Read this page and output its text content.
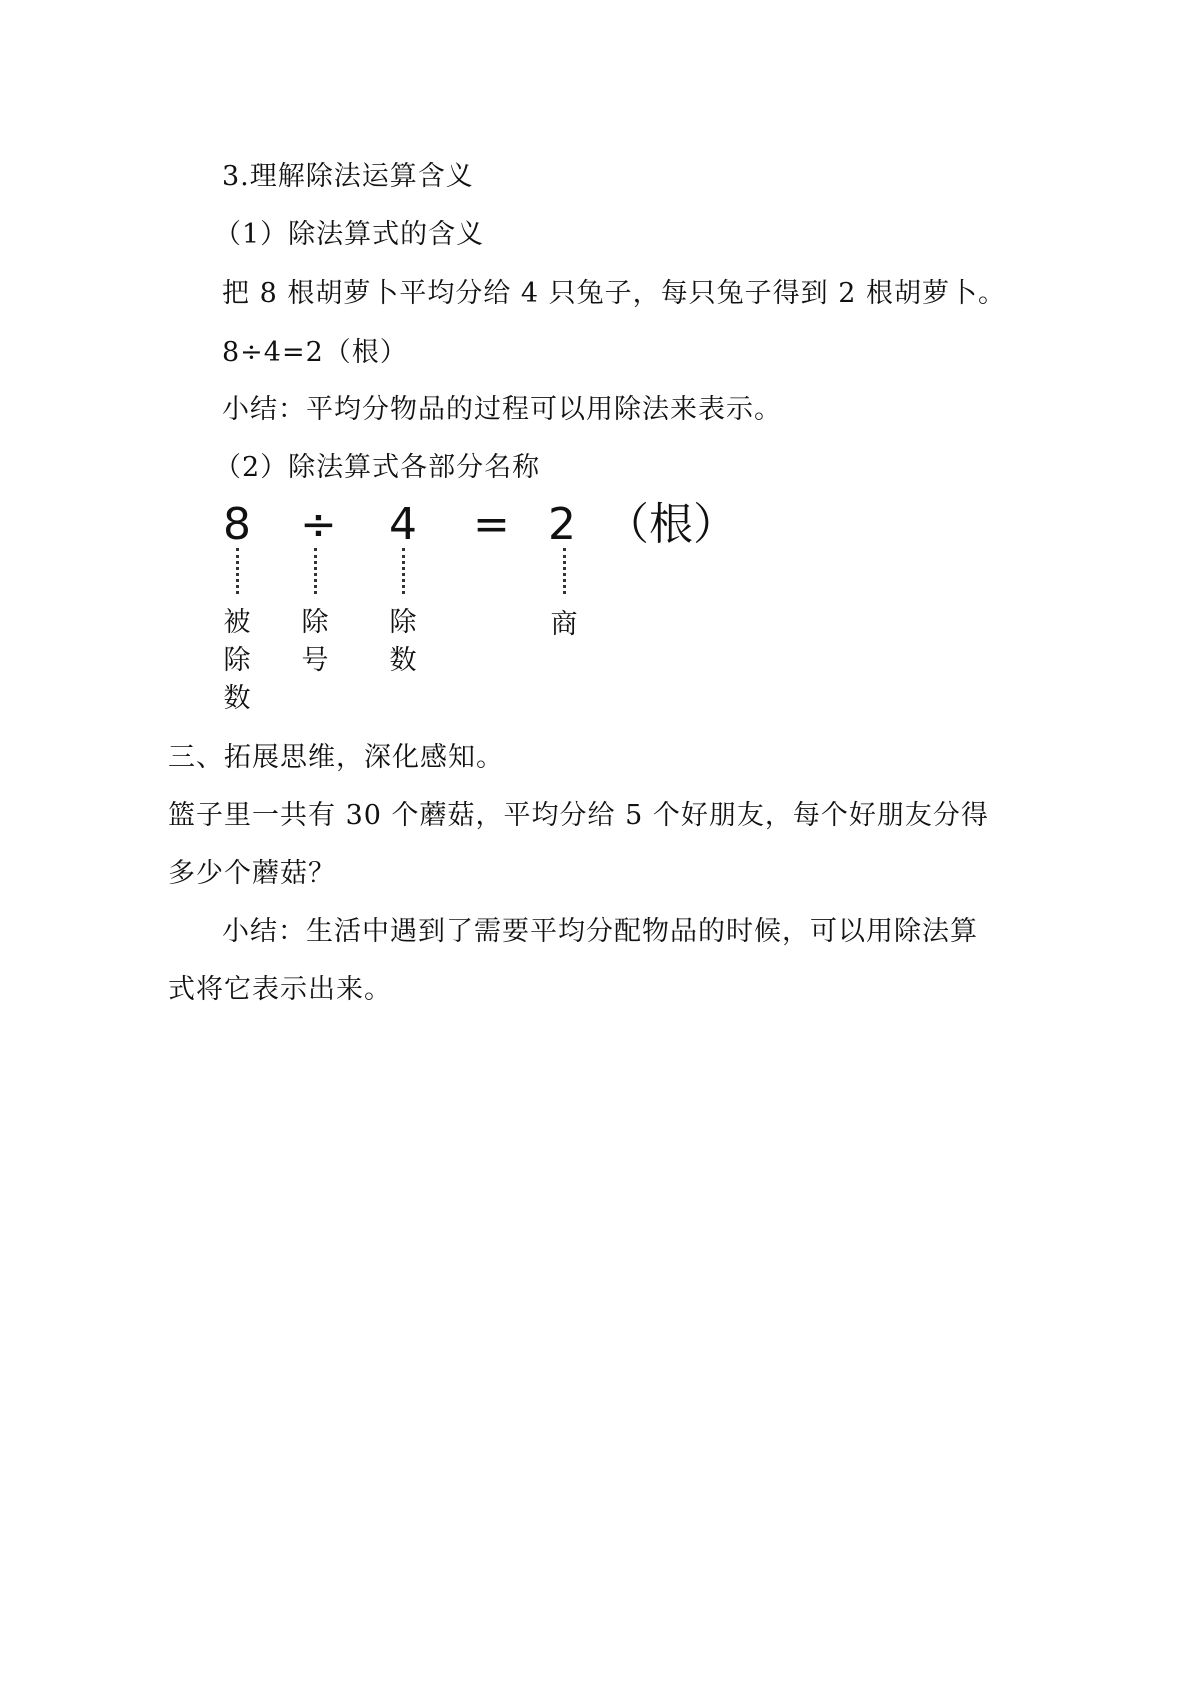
3.理解除法运算含义
（1）除法算式的含义
把 8 根胡萝卜平均分给 4 只兔子，每只兔子得到 2 根胡萝卜。
8÷4=2（根）
小结：平均分物品的过程可以用除法来表示。
（2）除法算式各部分名称
8 ÷ 4 = 2 （根）
被
除
数
除
号
除
数
商
三、拓展思维，深化感知。
篮子里一共有 30 个蘑菇，平均分给 5 个好朋友，每个好朋友分得
多少个蘑菇？
小结：生活中遇到了需要平均分配物品的时候，可以用除法算
式将它表示出来。
